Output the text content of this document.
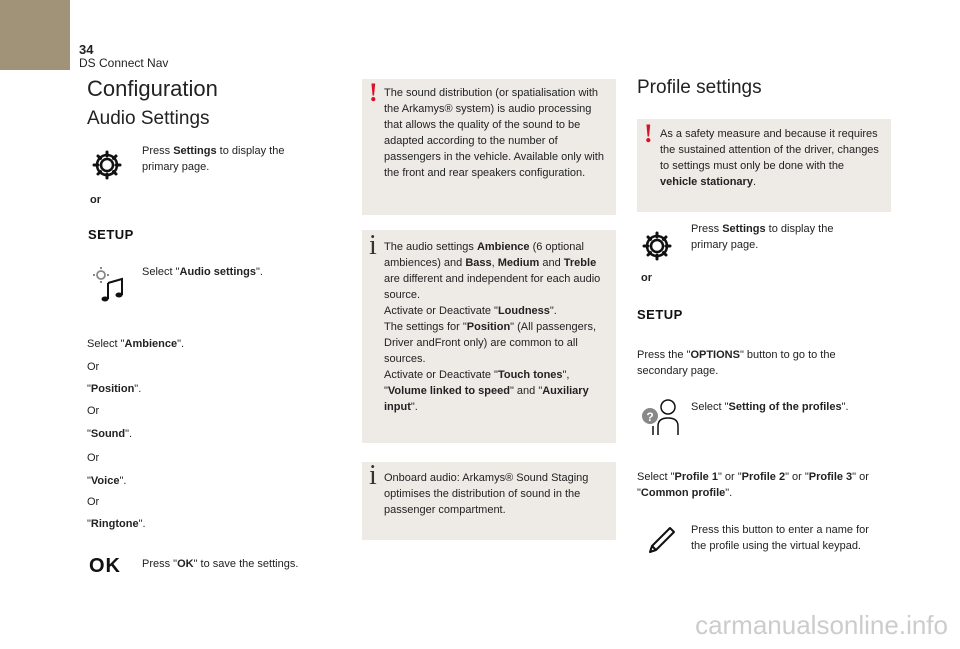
34
DS Connect Nav
Configuration
Audio Settings
Press Settings to display the primary page.
or
SETUP
Select "Audio settings".
Select "Ambience".
Or
"Position".
Or
"Sound".
Or
"Voice".
Or
"Ringtone".
OK Press "OK" to save the settings.
! The sound distribution (or spatialisation with the Arkamys® system) is audio processing that allows the quality of the sound to be adapted according to the number of passengers in the vehicle. Available only with the front and rear speakers configuration.
i The audio settings Ambience (6 optional ambiences) and Bass, Medium and Treble are different and independent for each audio source.
Activate or Deactivate "Loudness".
The settings for "Position" (All passengers, Driver andFront only) are common to all sources.
Activate or Deactivate "Touch tones", "Volume linked to speed" and "Auxiliary input".
i Onboard audio: Arkamys® Sound Staging optimises the distribution of sound in the passenger compartment.
Profile settings
! As a safety measure and because it requires the sustained attention of the driver, changes to settings must only be done with the vehicle stationary.
Press Settings to display the primary page.
or
SETUP
Press the "OPTIONS" button to go to the secondary page.
?
Select "Setting of the profiles".
Select "Profile 1" or "Profile 2" or "Profile 3" or "Common profile".
Press this button to enter a name for the profile using the virtual keypad.
carmanualsonline.info
